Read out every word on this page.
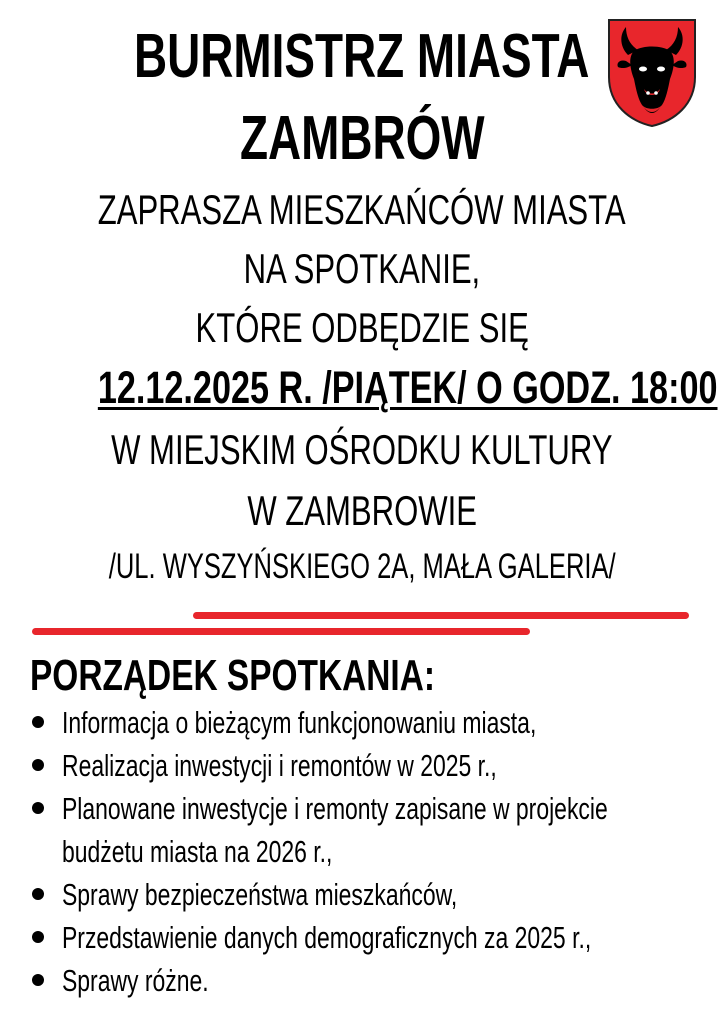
BURMISTRZ MIASTA
ZAMBRÓW
ZAPRASZA MIESZKAŃCÓW MIASTA
NA SPOTKANIE,
KTÓRE ODBĘDZIE SIĘ
12.12.2025 R. /PIĄTEK/ O GODZ. 18:00
W MIEJSKIM OŚRODKU KULTURY
W ZAMBROWIE
/UL. WYSZYŃSKIEGO 2A, MAŁA GALERIA/
PORZĄDEK SPOTKANIA:
Informacja o bieżącym funkcjonowaniu miasta,
Realizacja inwestycji i remontów w 2025 r.,
Planowane inwestycje i remonty zapisane w projekcie
budżetu miasta na 2026 r.,
Sprawy bezpieczeństwa mieszkańców,
Przedstawienie danych demograficznych za 2025 r.,
Sprawy różne.
